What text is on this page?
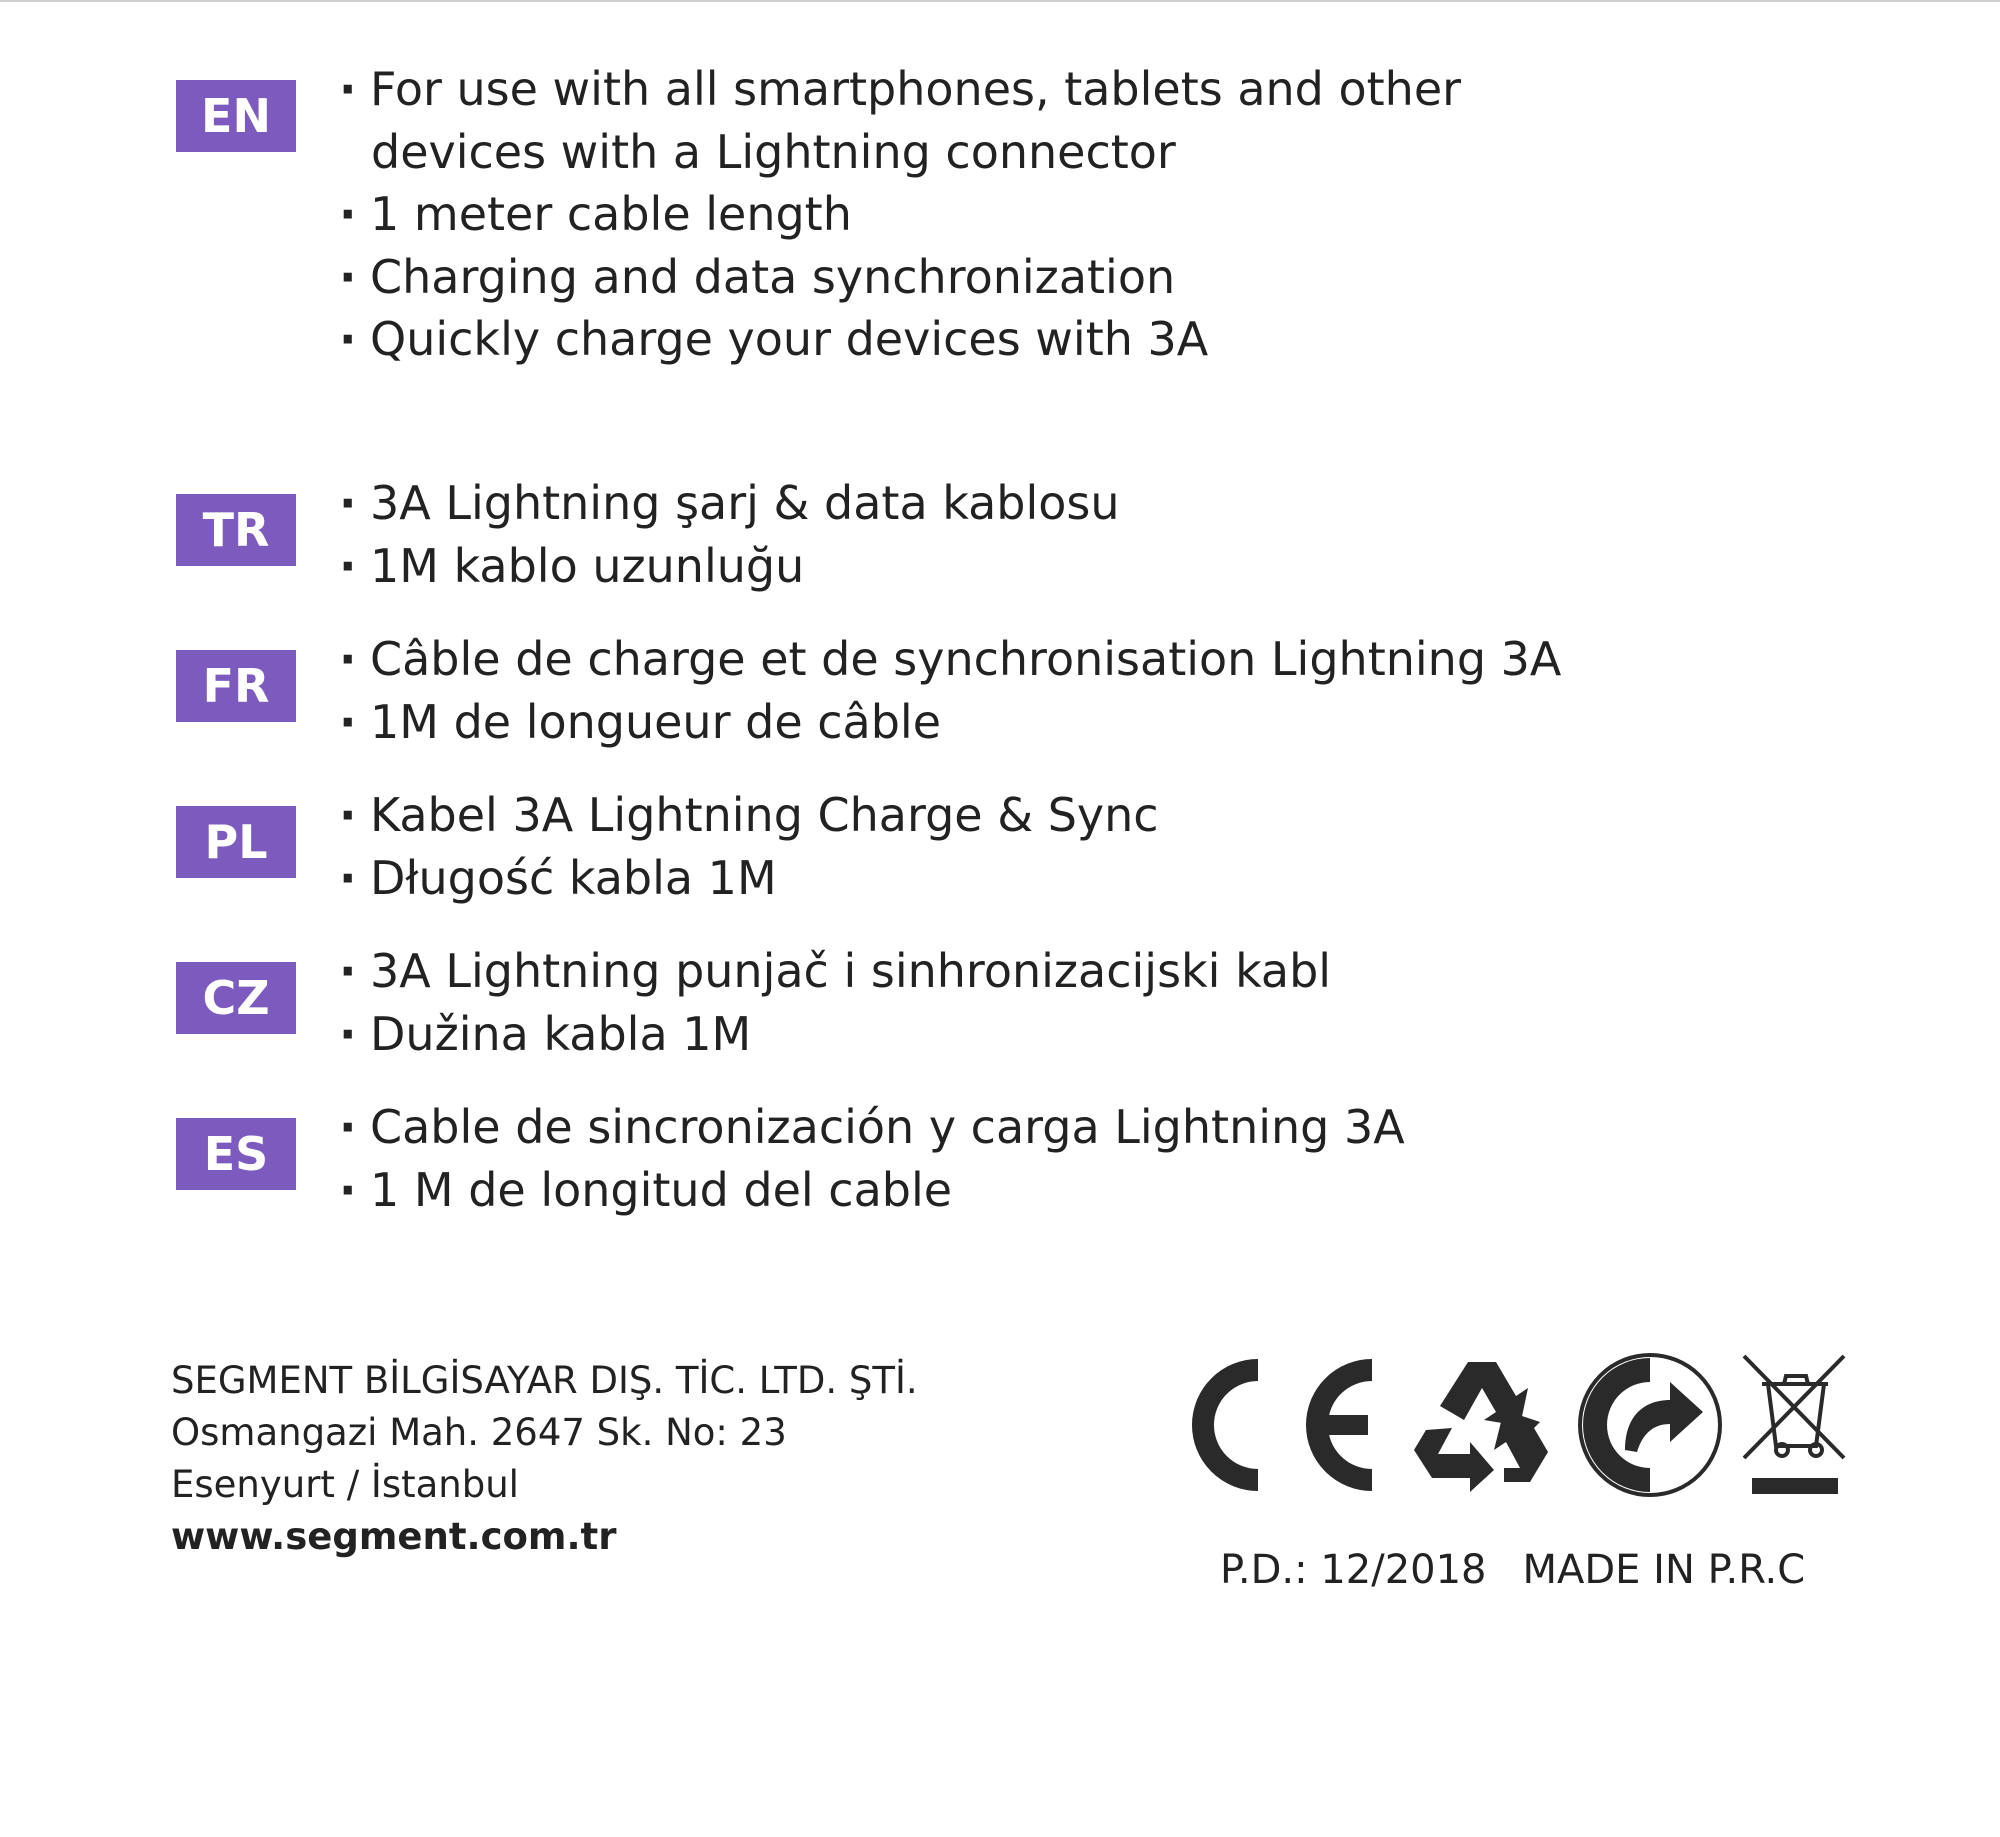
EN	· For use with all smartphones, tablets and other
devices with a Lightning connector
· 1 meter cable length
· Charging and data synchronization
· Quickly charge your devices with 3A
TR	· 3A Lightning şarj & data kablosu
· 1M kablo uzunluğu
FR	· Câble de charge et de synchronisation Lightning 3A
· 1M de longueur de câble
PL	· Kabel 3A Lightning Charge & Sync
· Długość kabla 1M
CZ	· 3A Lightning punjač i sinhronizacijski kabl
· Dužina kabla 1M
ES	· Cable de sincronización y carga Lightning 3A
· 1 M de longitud del cable
SEGMENT BİLGİSAYAR DIŞ. TİC. LTD. ŞTİ.
Osmangazi Mah. 2647 Sk. No: 23
Esenyurt / İstanbul
www.segment.com.tr
P.D.: 12/2018 MADE IN P.R.C
